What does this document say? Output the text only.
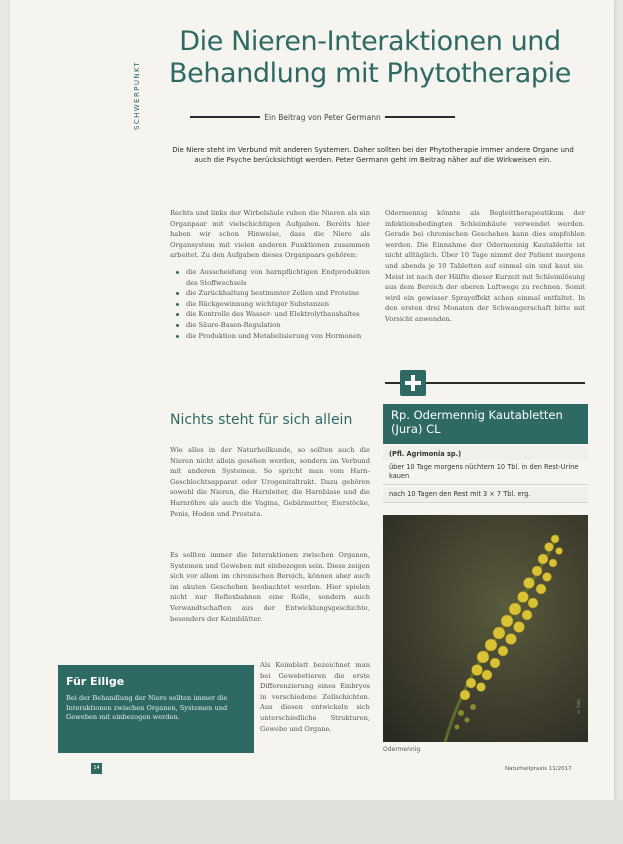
SCHWERPUNKT
Die Nieren-Interaktionen und
Behandlung mit Phytotherapie
Ein Beitrag von Peter Germann
Die Niere steht im Verbund mit anderen Systemen. Daher sollten bei der Phytotherapie immer andere Organe und auch die Psyche berücksichtigt werden. Peter Germann geht im Beitrag näher auf die Wirkweisen ein.
Rechts und links der Wirbelsäule ruhen die Nieren als ein Organpaar mit vielschichtigen Aufgaben. Bereits hier haben wir schon Hinweise, dass die Niere als Organsystem mit vielen anderen Funktionen zusammen arbeitet. Zu den Aufgaben dieses Organpaars gehören:
die Ausscheidung von harnpflichtigen Endprodukten des Stoffwechsels
die Zurückhaltung bestimmter Zellen und Proteine
die Rückgewinnung wichtiger Substanzen
die Kontrolle des Wasser- und Elektrolythaushaltes
die Säure-Basen-Regulation
die Produktion und Metabolisierung von Hormonen
Nichts steht für sich allein
Wie alles in der Naturheilkunde, so sollten auch die Nieren nicht allein gesehen werden, sondern im Verbund mit anderen Systemen. So spricht man vom Harn-Geschlechtsapparat oder Urogenitaltrakt. Dazu gehören sowohl die Nieren, die Harnleiter, die Harnblase und die Harnröhre als auch die Vagina, Gebärmutter, Eierstöcke, Penis, Hoden und Prostata.
Es sollten immer die Interaktionen zwischen Organen, Systemen und Geweben mit einbezogen sein. Diese zeigen sich vor allem im chronischen Bereich, können aber auch im akuten Geschehen beobachtet werden. Hier spielen nicht nur Reflexbahnen eine Rolle, sondern auch Verwandtschaften aus der Entwicklungsgeschichte, besonders der Keimblätter.
Als Keimblatt bezeichnet man bei Gewebetieren die erste Differenzierung eines Embryos in verschiedene Zellschichten. Aus diesen entwickeln sich unterschiedliche Strukturen, Gewebe und Organe.
Odermennig könnte als Begleittherapeutikum der infektionsbedingten Schleimhäute verwendet werden. Gerade bei chronischen Geschehen kann dies empfohlen werden. Die Einnahme der Odermennig Kautablette ist nicht alltäglich. Über 10 Tage nimmt der Patient morgens und abends je 10 Tabletten auf einmal ein und kaut sie. Meist ist nach der Hälfte dieser Kurzeit mit Schleimlösung aus dem Bereich der oberen Luftwege zu rechnen. Somit wird ein gewisser Sprayeffekt schon einmal entfaltet. In den ersten drei Monaten der Schwangerschaft bitte mit Vorsicht anwenden.
Rp. Odermennig Kautabletten (Jura) CL
(Pfl. Agrimonia sp.)
über 10 Tage morgens nüchtern 10 Tbl. in den Rest-Urine kauen
nach 10 Tagen den Rest mit 3 × 7 Tbl. erg.
© Foto
Odermennig
Für Eilige

Bei der Behandlung der Niere sollten immer die Interaktionen zwischen Organen, Systemen und Geweben mit einbezogen werden.

14	Naturheilpraxis 11/2017
